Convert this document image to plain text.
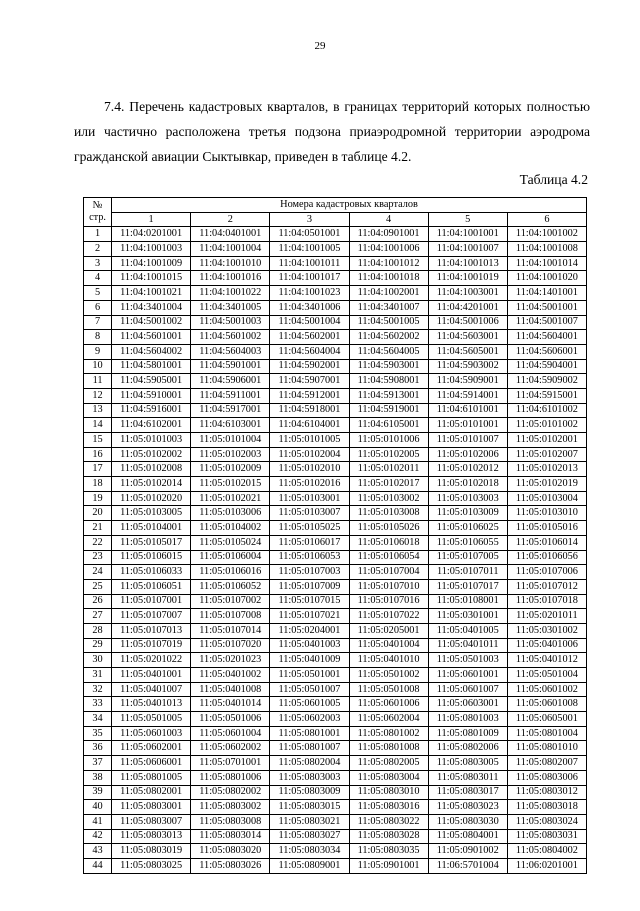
29

7.4. Перечень кадастровых кварталов, в границах территорий которых полностью или частично расположена третья подзона приаэродромной территории аэродрома гражданской авиации Сыктывкар, приведен в таблице 4.2.

Таблица 4.2
№
стр.	Номера кадастровых кварталов					
	1	2	3	4	5	6
1	11:04:0201001	11:04:0401001	11:04:0501001	11:04:0901001	11:04:1001001	11:04:1001002
2	11:04:1001003	11:04:1001004	11:04:1001005	11:04:1001006	11:04:1001007	11:04:1001008
3	11:04:1001009	11:04:1001010	11:04:1001011	11:04:1001012	11:04:1001013	11:04:1001014
4	11:04:1001015	11:04:1001016	11:04:1001017	11:04:1001018	11:04:1001019	11:04:1001020
5	11:04:1001021	11:04:1001022	11:04:1001023	11:04:1002001	11:04:1003001	11:04:1401001
6	11:04:3401004	11:04:3401005	11:04:3401006	11:04:3401007	11:04:4201001	11:04:5001001
7	11:04:5001002	11:04:5001003	11:04:5001004	11:04:5001005	11:04:5001006	11:04:5001007
8	11:04:5601001	11:04:5601002	11:04:5602001	11:04:5602002	11:04:5603001	11:04:5604001
9	11:04:5604002	11:04:5604003	11:04:5604004	11:04:5604005	11:04:5605001	11:04:5606001
10	11:04:5801001	11:04:5901001	11:04:5902001	11:04:5903001	11:04:5903002	11:04:5904001
11	11:04:5905001	11:04:5906001	11:04:5907001	11:04:5908001	11:04:5909001	11:04:5909002
12	11:04:5910001	11:04:5911001	11:04:5912001	11:04:5913001	11:04:5914001	11:04:5915001
13	11:04:5916001	11:04:5917001	11:04:5918001	11:04:5919001	11:04:6101001	11:04:6101002
14	11:04:6102001	11:04:6103001	11:04:6104001	11:04:6105001	11:05:0101001	11:05:0101002
15	11:05:0101003	11:05:0101004	11:05:0101005	11:05:0101006	11:05:0101007	11:05:0102001
16	11:05:0102002	11:05:0102003	11:05:0102004	11:05:0102005	11:05:0102006	11:05:0102007
17	11:05:0102008	11:05:0102009	11:05:0102010	11:05:0102011	11:05:0102012	11:05:0102013
18	11:05:0102014	11:05:0102015	11:05:0102016	11:05:0102017	11:05:0102018	11:05:0102019
19	11:05:0102020	11:05:0102021	11:05:0103001	11:05:0103002	11:05:0103003	11:05:0103004
20	11:05:0103005	11:05:0103006	11:05:0103007	11:05:0103008	11:05:0103009	11:05:0103010
21	11:05:0104001	11:05:0104002	11:05:0105025	11:05:0105026	11:05:0106025	11:05:0105016
22	11:05:0105017	11:05:0105024	11:05:0106017	11:05:0106018	11:05:0106055	11:05:0106014
23	11:05:0106015	11:05:0106004	11:05:0106053	11:05:0106054	11:05:0107005	11:05:0106056
24	11:05:0106033	11:05:0106016	11:05:0107003	11:05:0107004	11:05:0107011	11:05:0107006
25	11:05:0106051	11:05:0106052	11:05:0107009	11:05:0107010	11:05:0107017	11:05:0107012
26	11:05:0107001	11:05:0107002	11:05:0107015	11:05:0107016	11:05:0108001	11:05:0107018
27	11:05:0107007	11:05:0107008	11:05:0107021	11:05:0107022	11:05:0301001	11:05:0201011
28	11:05:0107013	11:05:0107014	11:05:0204001	11:05:0205001	11:05:0401005	11:05:0301002
29	11:05:0107019	11:05:0107020	11:05:0401003	11:05:0401004	11:05:0401011	11:05:0401006
30	11:05:0201022	11:05:0201023	11:05:0401009	11:05:0401010	11:05:0501003	11:05:0401012
31	11:05:0401001	11:05:0401002	11:05:0501001	11:05:0501002	11:05:0601001	11:05:0501004
32	11:05:0401007	11:05:0401008	11:05:0501007	11:05:0501008	11:05:0601007	11:05:0601002
33	11:05:0401013	11:05:0401014	11:05:0601005	11:05:0601006	11:05:0603001	11:05:0601008
34	11:05:0501005	11:05:0501006	11:05:0602003	11:05:0602004	11:05:0801003	11:05:0605001
35	11:05:0601003	11:05:0601004	11:05:0801001	11:05:0801002	11:05:0801009	11:05:0801004
36	11:05:0602001	11:05:0602002	11:05:0801007	11:05:0801008	11:05:0802006	11:05:0801010
37	11:05:0606001	11:05:0701001	11:05:0802004	11:05:0802005	11:05:0803005	11:05:0802007
38	11:05:0801005	11:05:0801006	11:05:0803003	11:05:0803004	11:05:0803011	11:05:0803006
39	11:05:0802001	11:05:0802002	11:05:0803009	11:05:0803010	11:05:0803017	11:05:0803012
40	11:05:0803001	11:05:0803002	11:05:0803015	11:05:0803016	11:05:0803023	11:05:0803018
41	11:05:0803007	11:05:0803008	11:05:0803021	11:05:0803022	11:05:0803030	11:05:0803024
42	11:05:0803013	11:05:0803014	11:05:0803027	11:05:0803028	11:05:0804001	11:05:0803031
43	11:05:0803019	11:05:0803020	11:05:0803034	11:05:0803035	11:05:0901002	11:05:0804002
44	11:05:0803025	11:05:0803026	11:05:0809001	11:05:0901001	11:06:5701004	11:06:0201001
